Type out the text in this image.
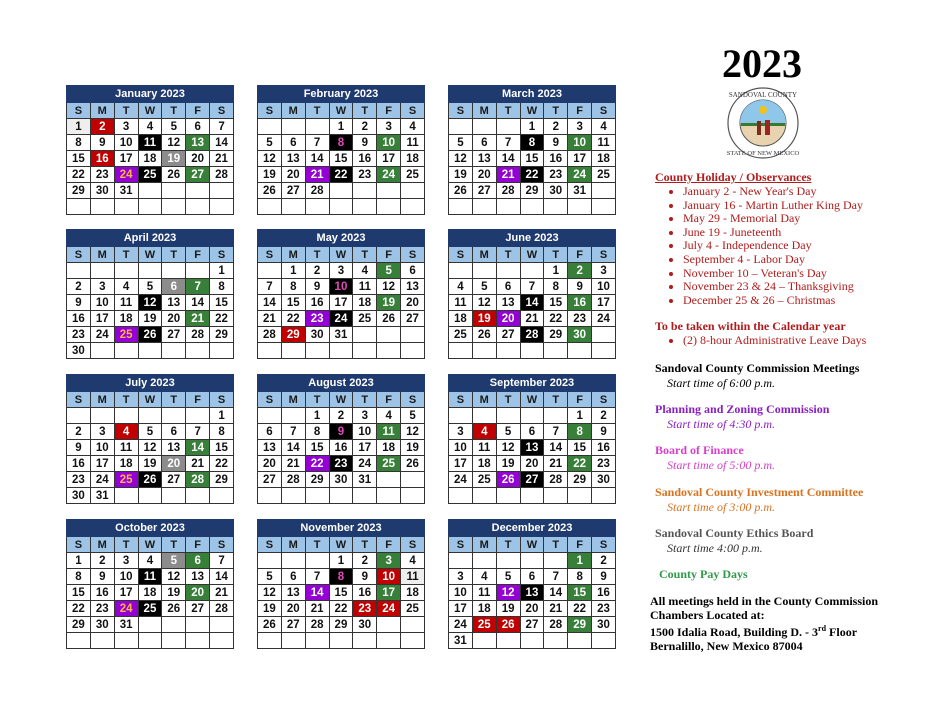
2023
SANDOVAL COUNTY
STATE OF NEW MEXICO
January 2023						
S	M	T	W	T	F	S
1	2	3	4	5	6	7
8	9	10	11	12	13	14
15	16	17	18	19	20	21
22	23	24	25	26	27	28
29	30	31				

February 2023						
S	M	T	W	T	F	S
			1	2	3	4
5	6	7	8	9	10	11
12	13	14	15	16	17	18
19	20	21	22	23	24	25
26	27	28				

March 2023						
S	M	T	W	T	F	S
			1	2	3	4
5	6	7	8	9	10	11
12	13	14	15	16	17	18
19	20	21	22	23	24	25
26	27	28	29	30	31	

April 2023						
S	M	T	W	T	F	S
						1
2	3	4	5	6	7	8
9	10	11	12	13	14	15
16	17	18	19	20	21	22
23	24	25	26	27	28	29
30						
May 2023						
S	M	T	W	T	F	S
	1	2	3	4	5	6
7	8	9	10	11	12	13
14	15	16	17	18	19	20
21	22	23	24	25	26	27
28	29	30	31			

June 2023						
S	M	T	W	T	F	S
				1	2	3
4	5	6	7	8	9	10
11	12	13	14	15	16	17
18	19	20	21	22	23	24
25	26	27	28	29	30	

July 2023						
S	M	T	W	T	F	S
						1
2	3	4	5	6	7	8
9	10	11	12	13	14	15
16	17	18	19	20	21	22
23	24	25	26	27	28	29
30	31					
August 2023						
S	M	T	W	T	F	S
		1	2	3	4	5
6	7	8	9	10	11	12
13	14	15	16	17	18	19
20	21	22	23	24	25	26
27	28	29	30	31		

September 2023						
S	M	T	W	T	F	S
					1	2
3	4	5	6	7	8	9
10	11	12	13	14	15	16
17	18	19	20	21	22	23
24	25	26	27	28	29	30

October 2023						
S	M	T	W	T	F	S
1	2	3	4	5	6	7
8	9	10	11	12	13	14
15	16	17	18	19	20	21
22	23	24	25	26	27	28
29	30	31				

November 2023						
S	M	T	W	T	F	S
			1	2	3	4
5	6	7	8	9	10	11
12	13	14	15	16	17	18
19	20	21	22	23	24	25
26	27	28	29	30		

December 2023						
S	M	T	W	T	F	S
					1	2
3	4	5	6	7	8	9
10	11	12	13	14	15	16
17	18	19	20	21	22	23
24	25	26	27	28	29	30
31						
County Holiday / Observances
• January 2 - New Year's Day
• January 16 - Martin Luther King Day
• May 29 - Memorial Day
• June 19 - Juneteenth
• July 4 - Independence Day
• September 4 - Labor Day
• November 10 – Veteran's Day
• November 23 & 24 – Thanksgiving
• December 25 & 26 – Christmas
To be taken within the Calendar year
• (2) 8-hour Administrative Leave Days
Sandoval County Commission Meetings
Start time of 6:00 p.m.
Planning and Zoning Commission
Start time of 4:30 p.m.
Board of Finance
Start time of 5:00 p.m.
Sandoval County Investment Committee
Start time of 3:00 p.m.
Sandoval County Ethics Board
Start time 4:00 p.m.
County Pay Days
All meetings held in the County Commission
Chambers Located at:
1500 Idalia Road, Building D. - 3rd Floor
Bernalillo, New Mexico 87004
